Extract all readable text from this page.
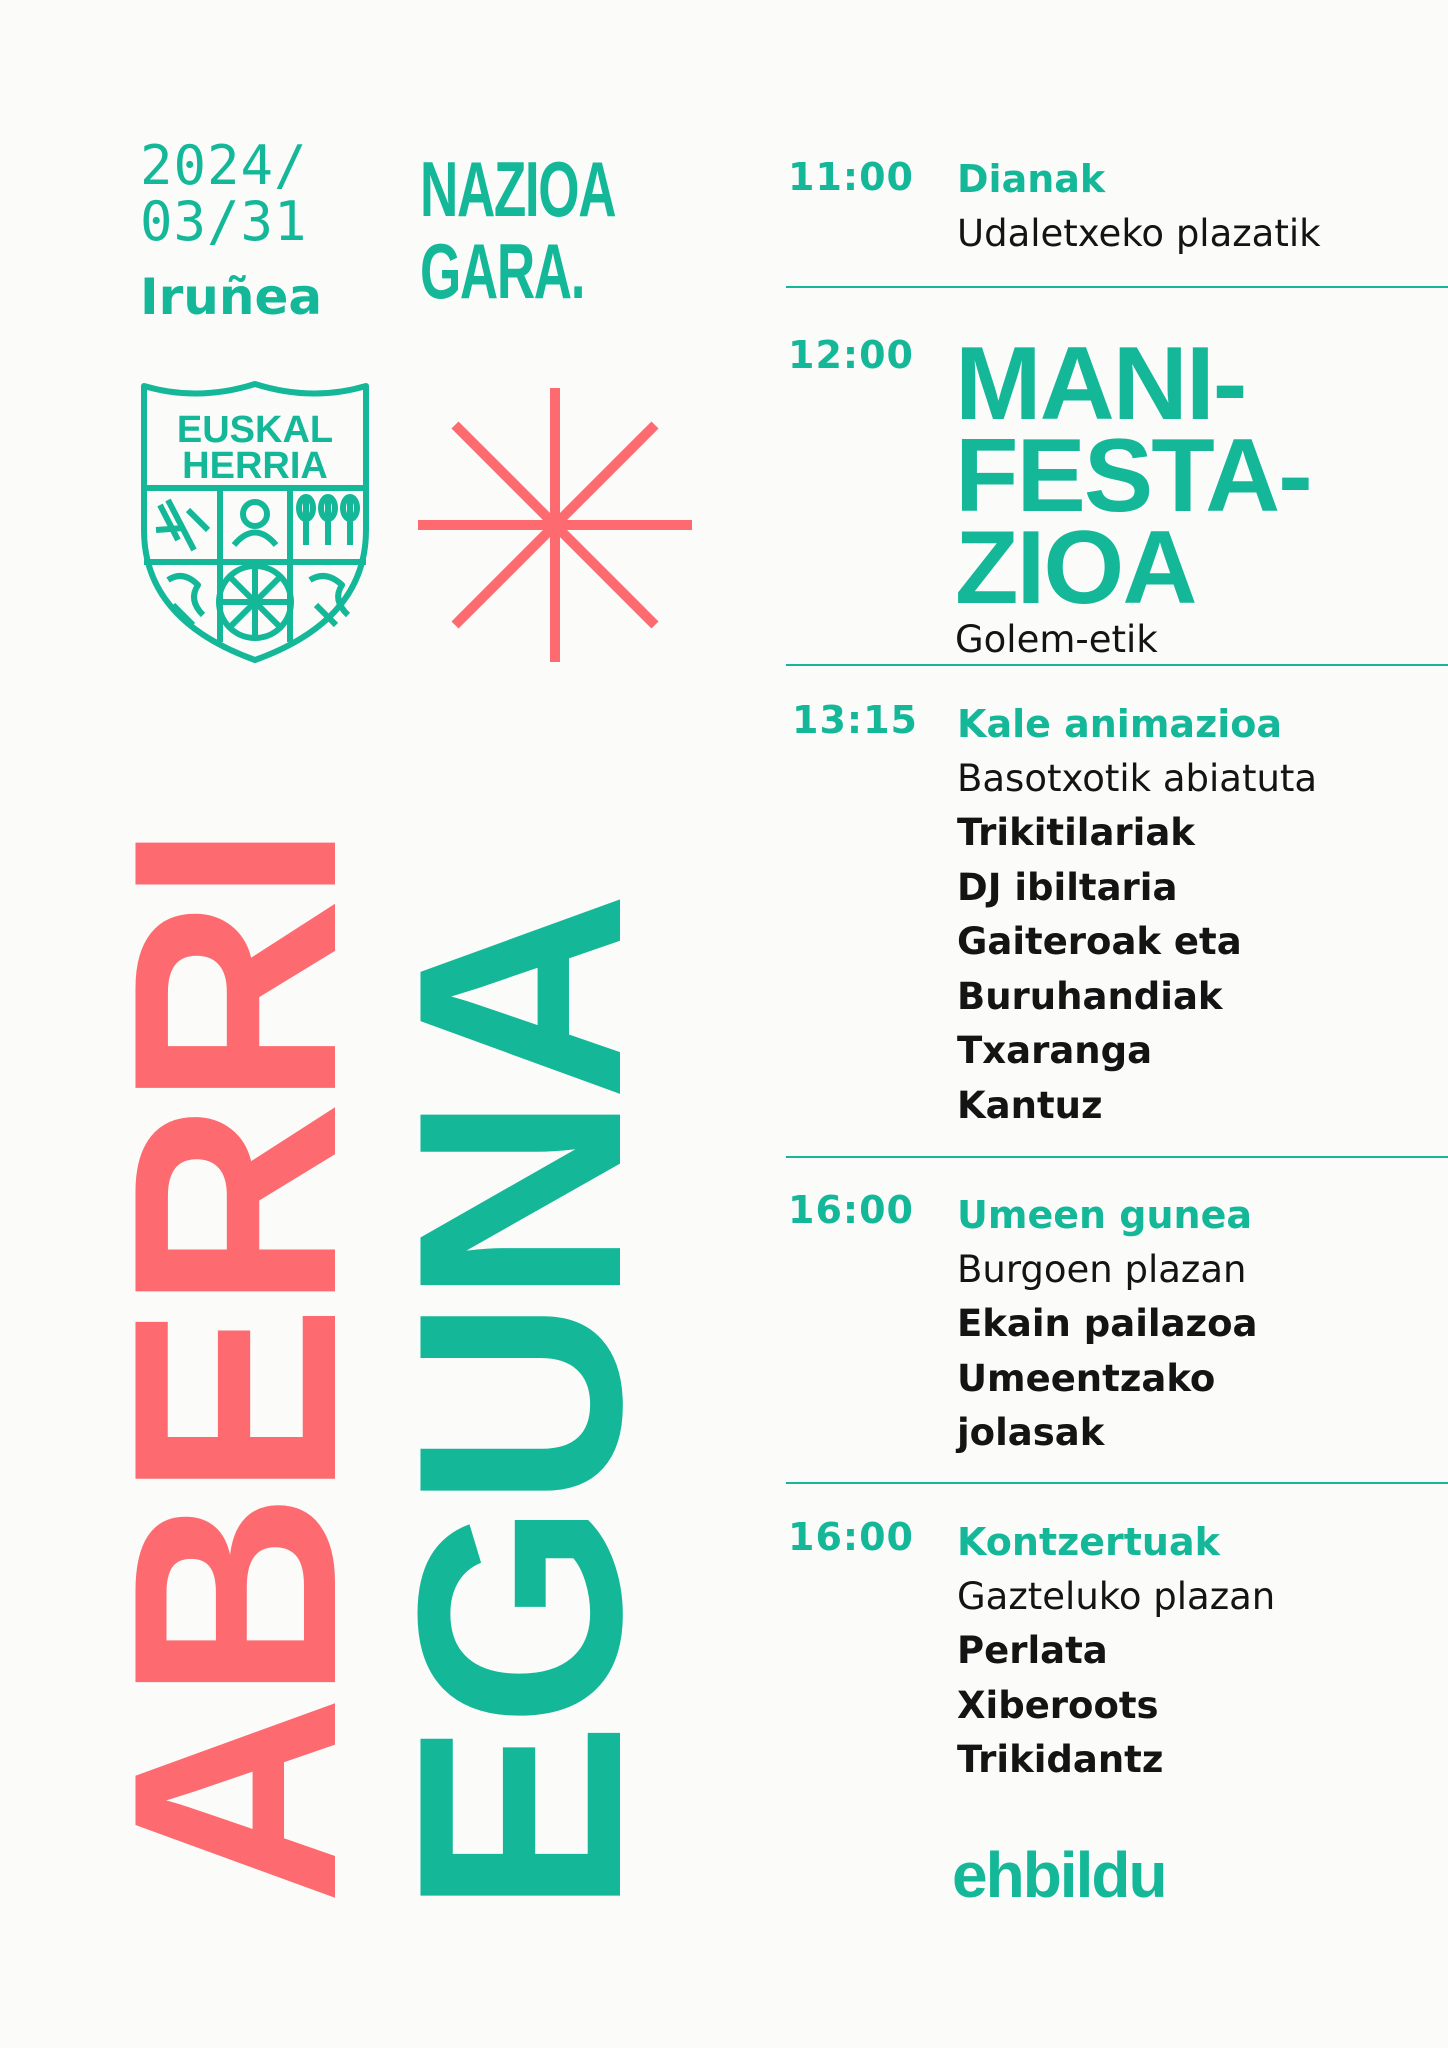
2024/
03/31
Iruñea
NAZIOA
GARA.
EUSKAL
HERRIA
ABERRI
EGUNA
11:00 Dianak
Udaletxeko plazatik
12:00 MANI-
FESTA-
ZIOA
Golem-etik
13:15 Kale animazioa
Basotxotik abiatuta
Trikitilariak
DJ ibiltaria
Gaiteroak eta
Buruhandiak
Txaranga
Kantuz
16:00 Umeen gunea
Burgoen plazan
Ekain pailazoa
Umeentzako
jolasak
16:00 Kontzertuak
Gazteluko plazan
Perlata
Xiberoots
Trikidantz
ehbildu
